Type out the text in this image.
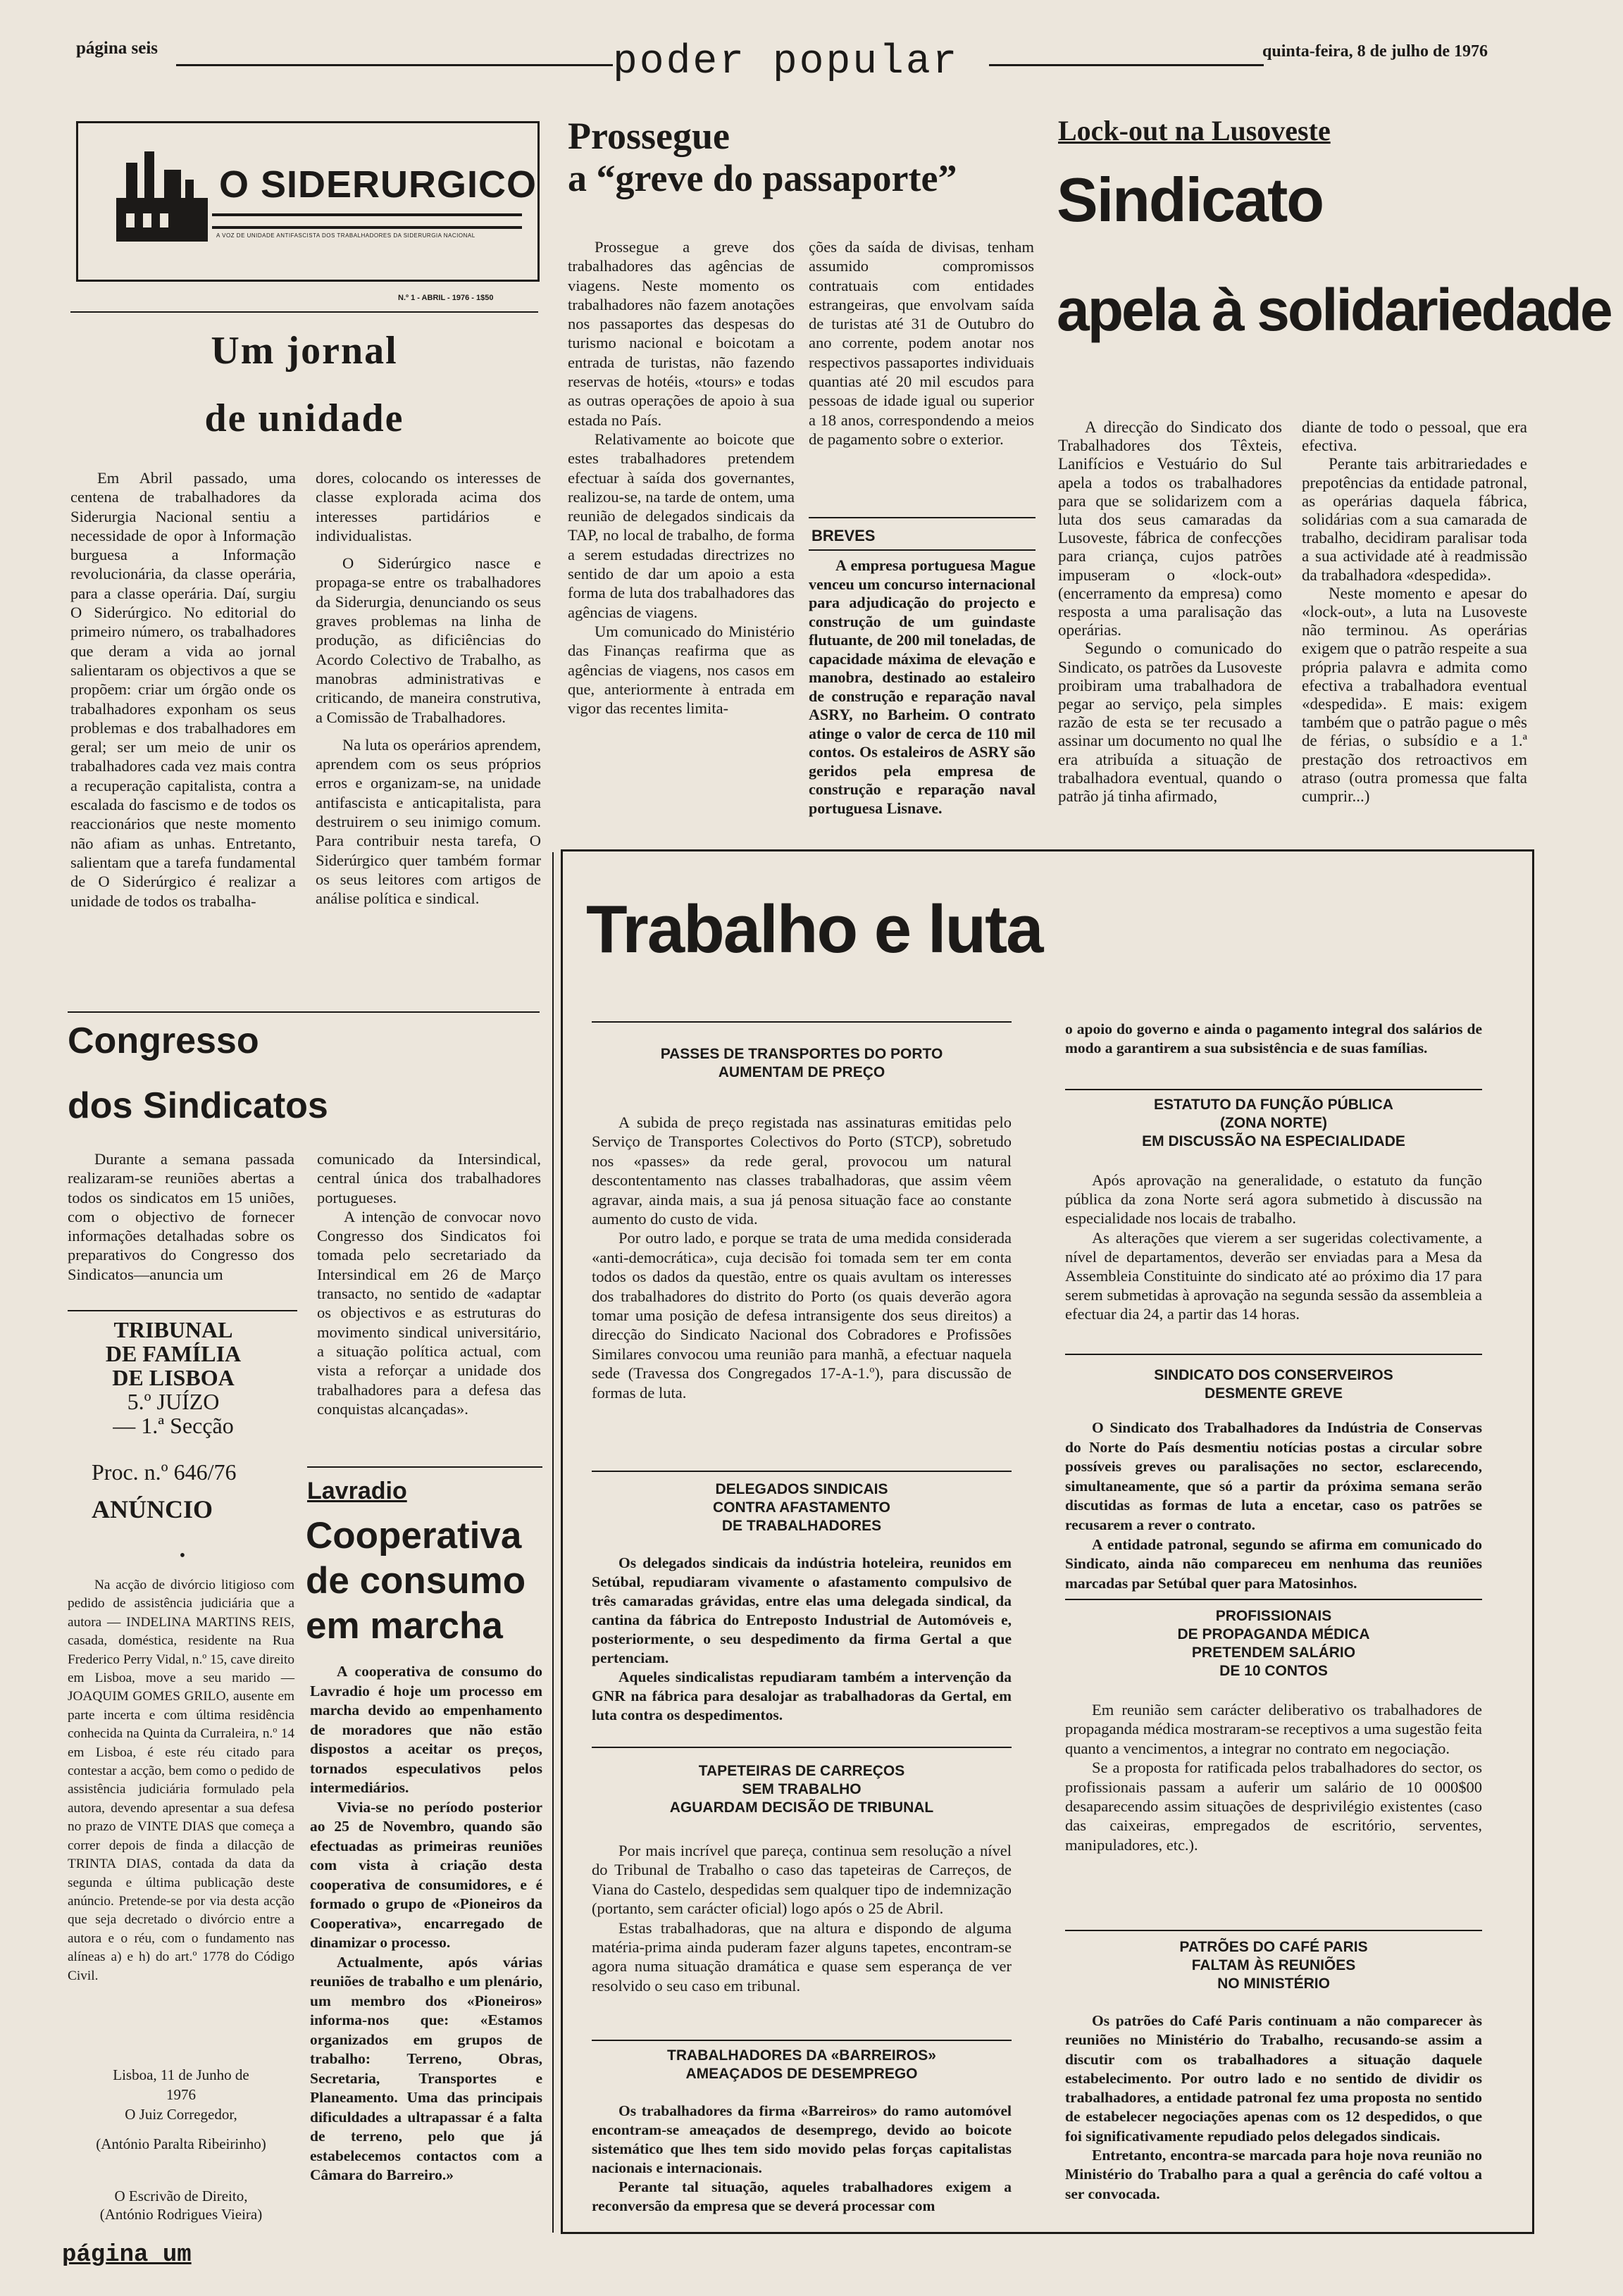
página seis	poder popular	quinta-feira, 8 de julho de 1976
O SIDERURGICO
A VOZ DE UNIDADE ANTIFASCISTA DOS TRABALHADORES DA SIDERURGIA NACIONAL
N.º 1 - ABRIL - 1976 - 1$50
Um jornal
de unidade

Em Abril passado, uma centena de trabalhadores da Siderurgia Nacional sentiu a necessidade de opor à Informação burguesa a Informação revolucionária, da classe operária, para a classe operária. Daí, surgiu O Siderúrgico. No editorial do primeiro número, os trabalhadores que deram a vida ao jornal salientaram os objectivos a que se propõem: criar um órgão onde os trabalhadores exponham os seus problemas e dos trabalhadores em geral; ser um meio de unir os trabalhadores cada vez mais contra a recuperação capitalista, contra a escalada do fascismo e de todos os reaccionários que neste momento não afiam as unhas. Entretanto, salientam que a tarefa fundamental de O Siderúrgico é realizar a unidade de todos os trabalha-

dores, colocando os interesses de classe explorada acima dos interesses partidários e individualistas.

O Siderúrgico nasce e propaga-se entre os trabalhadores da Siderurgia, denunciando os seus graves problemas na linha de produção, as dificiências do Acordo Colectivo de Trabalho, as manobras administrativas e criticando, de maneira construtiva, a Comissão de Trabalhadores.

Na luta os operários aprendem, aprendem com os seus próprios erros e organizam-se, na unidade antifascista e anticapitalista, para destruirem o seu inimigo comum. Para contribuir nesta tarefa, O Siderúrgico quer também formar os seus leitores com artigos de análise política e sindical.

Prossegue
a “greve do passaporte”

Prossegue a greve dos trabalhadores das agências de viagens. Neste momento os trabalhadores não fazem anotações nos passaportes das despesas do turismo nacional e boicotam a entrada de turistas, não fazendo reservas de hotéis, «tours» e todas as outras operações de apoio à sua estada no País.

Relativamente ao boicote que estes trabalhadores pretendem efectuar à saída dos governantes, realizou-se, na tarde de ontem, uma reunião de delegados sindicais da TAP, no local de trabalho, de forma a serem estudadas directrizes no sentido de dar um apoio a esta forma de luta dos trabalhadores das agências de viagens.

Um comunicado do Ministério das Finanças reafirma que as agências de viagens, nos casos em que, anteriormente à entrada em vigor das recentes limita-

ções da saída de divisas, tenham assumido compromissos contratuais com entidades estrangeiras, que envolvam saída de turistas até 31 de Outubro do ano corrente, podem anotar nos respectivos passaportes individuais quantias até 20 mil escudos para pessoas de idade igual ou superior a 18 anos, correspondendo a meios de pagamento sobre o exterior.

BREVES

A empresa portuguesa Mague venceu um concurso internacional para adjudicação do projecto e construção de um guindaste flutuante, de 200 mil toneladas, de capacidade máxima de elevação e manobra, destinado ao estaleiro de construção e reparação naval ASRY, no Barheim. O contrato atinge o valor de cerca de 110 mil contos. Os estaleiros de ASRY são geridos pela empresa de construção e reparação naval portuguesa Lisnave.

Lock-out na Lusoveste
Sindicato
apela à solidariedade

A direcção do Sindicato dos Trabalhadores dos Têxteis, Lanifícios e Vestuário do Sul apela a todos os trabalhadores para que se solidarizem com a luta dos seus camaradas da Lusoveste, fábrica de confecções para criança, cujos patrões impuseram o «lock-out» (encerramento da empresa) como resposta a uma paralisação das operárias.

Segundo o comunicado do Sindicato, os patrões da Lusoveste proibiram uma trabalhadora de pegar ao serviço, pela simples razão de esta se ter recusado a assinar um documento no qual lhe era atribuída a situação de trabalhadora eventual, quando o patrão já tinha afirmado,

diante de todo o pessoal, que era efectiva.

Perante tais arbitrariedades e prepotências da entidade patronal, as operárias daquela fábrica, solidárias com a sua camarada de trabalho, decidiram paralisar toda a sua actividade até à readmissão da trabalhadora «despedida».

Neste momento e apesar do «lock-out», a luta na Lusoveste não terminou. As operárias exigem que o patrão respeite a sua própria palavra e admita como efectiva a trabalhadora eventual «despedida». E mais: exigem também que o patrão pague o mês de férias, o subsídio e a 1.ª prestação dos retroactivos em atraso (outra promessa que falta cumprir...)

Congresso
dos Sindicatos

Durante a semana passada realizaram-se reuniões abertas a todos os sindicatos em 15 uniões, com o objectivo de fornecer informações detalhadas sobre os preparativos do Congresso dos Sindicatos—anuncia um

comunicado da Intersindical, central única dos trabalhadores portugueses.

A intenção de convocar novo Congresso dos Sindicatos foi tomada pelo secretariado da Intersindical em 26 de Março transacto, no sentido de «adaptar os objectivos e as estruturas do movimento sindical universitário, a situação política actual, com vista a reforçar a unidade dos trabalhadores para a defesa das conquistas alcançadas».

TRIBUNAL
DE FAMÍLIA
DE LISBOA
5.º JUÍZO
— 1.ª Secção
Proc. n.º 646/76
ANÚNCIO
•

Na acção de divórcio litigioso com pedido de assistência judiciária que a autora — INDELINA MARTINS REIS, casada, doméstica, residente na Rua Frederico Perry Vidal, n.º 15, cave direito em Lisboa, move a seu marido — JOAQUIM GOMES GRILO, ausente em parte incerta e com última residência conhecida na Quinta da Curraleira, n.º 14 em Lisboa, é este réu citado para contestar a acção, bem como o pedido de assistência judiciária formulado pela autora, devendo apresentar a sua defesa no prazo de VINTE DIAS que começa a correr depois de finda a dilacção de TRINTA DIAS, contada da data da segunda e última publicação deste anúncio. Pretende-se por via desta acção que seja decretado o divórcio entre a autora e o réu, com o fundamento nas alíneas a) e h) do art.º 1778 do Código Civil.

Lisboa, 11 de Junho de
1976
O Juiz Corregedor,
(António Paralta Ribeirinho)
O Escrivão de Direito,
(António Rodrigues Vieira)
Lavradio
Cooperativa
de consumo
em marcha

A cooperativa de consumo do Lavradio é hoje um processo em marcha devido ao empenhamento de moradores que não estão dispostos a aceitar os preços, tornados especulativos pelos intermediários.

Vivia-se no período posterior ao 25 de Novembro, quando são efectuadas as primeiras reuniões com vista à criação desta cooperativa de consumidores, e é formado o grupo de «Pioneiros da Cooperativa», encarregado de dinamizar o processo.

Actualmente, após várias reuniões de trabalho e um plenário, um membro dos «Pioneiros» informa-nos que: «Estamos organizados em grupos de trabalho: Terreno, Obras, Secretaria, Transportes e Planeamento. Uma das principais dificuldades a ultrapassar é a falta de terreno, pelo que já estabelecemos contactos com a Câmara do Barreiro.»

Trabalho e luta
PASSES DE TRANSPORTES DO PORTO
AUMENTAM DE PREÇO

A subida de preço registada nas assinaturas emitidas pelo Serviço de Transportes Colectivos do Porto (STCP), sobretudo nos «passes» da rede geral, provocou um natural descontentamento nas classes trabalhadoras, que assim vêem agravar, ainda mais, a sua já penosa situação face ao constante aumento do custo de vida.

Por outro lado, e porque se trata de uma medida considerada «anti-democrática», cuja decisão foi tomada sem ter em conta todos os dados da questão, entre os quais avultam os interesses dos trabalhadores do distrito do Porto (os quais deverão agora tomar uma posição de defesa intransigente dos seus direitos) a direcção do Sindicato Nacional dos Cobradores e Profissões Similares convocou uma reunião para manhã, a efectuar naquela sede (Travessa dos Congregados 17-A-1.º), para discussão de formas de luta.

DELEGADOS SINDICAIS
CONTRA AFASTAMENTO
DE TRABALHADORES

Os delegados sindicais da indústria hoteleira, reunidos em Setúbal, repudiaram vivamente o afastamento compulsivo de três camaradas grávidas, entre elas uma delegada sindical, da cantina da fábrica do Entreposto Industrial de Automóveis e, posteriormente, o seu despedimento da firma Gertal a que pertenciam.

Aqueles sindicalistas repudiaram também a intervenção da GNR na fábrica para desalojar as trabalhadoras da Gertal, em luta contra os despedimentos.

TAPETEIRAS DE CARREÇOS
SEM TRABALHO
AGUARDAM DECISÃO DE TRIBUNAL

Por mais incrível que pareça, continua sem resolução a nível do Tribunal de Trabalho o caso das tapeteiras de Carreços, de Viana do Castelo, despedidas sem qualquer tipo de indemnização (portanto, sem carácter oficial) logo após o 25 de Abril.

Estas trabalhadoras, que na altura e dispondo de alguma matéria-prima ainda puderam fazer alguns tapetes, encontram-se agora numa situação dramática e quase sem esperança de ver resolvido o seu caso em tribunal.

TRABALHADORES DA «BARREIROS»
AMEAÇADOS DE DESEMPREGO

Os trabalhadores da firma «Barreiros» do ramo automóvel encontram-se ameaçados de desemprego, devido ao boicote sistemático que lhes tem sido movido pelas forças capitalistas nacionais e internacionais.

Perante tal situação, aqueles trabalhadores exigem a reconversão da empresa que se deverá processar com

o apoio do governo e ainda o pagamento integral dos salários de modo a garantirem a sua subsistência e de suas famílias.

ESTATUTO DA FUNÇÃO PÚBLICA
(ZONA NORTE)
EM DISCUSSÃO NA ESPECIALIDADE

Após aprovação na generalidade, o estatuto da função pública da zona Norte será agora submetido à discussão na especialidade nos locais de trabalho.

As alterações que vierem a ser sugeridas colectivamente, a nível de departamentos, deverão ser enviadas para a Mesa da Assembleia Constituinte do sindicato até ao próximo dia 17 para serem submetidas à aprovação na segunda sessão da assembleia a efectuar dia 24, a partir das 14 horas.

SINDICATO DOS CONSERVEIROS
DESMENTE GREVE

O Sindicato dos Trabalhadores da Indústria de Conservas do Norte do País desmentiu notícias postas a circular sobre possíveis greves ou paralisações no sector, esclarecendo, simultaneamente, que só a partir da próxima semana serão discutidas as formas de luta a encetar, caso os patrões se recusarem a rever o contrato.

A entidade patronal, segundo se afirma em comunicado do Sindicato, ainda não compareceu em nenhuma das reuniões marcadas par Setúbal quer para Matosinhos.

PROFISSIONAIS
DE PROPAGANDA MÉDICA
PRETENDEM SALÁRIO
DE 10 CONTOS

Em reunião sem carácter deliberativo os trabalhadores de propaganda médica mostraram-se receptivos a uma sugestão feita quanto a vencimentos, a integrar no contrato em negociação.

Se a proposta for ratificada pelos trabalhadores do sector, os profissionais passam a auferir um salário de 10 000$00 desaparecendo assim situações de desprivilégio existentes (caso das caixeiras, empregados de escritório, serventes, manipuladores, etc.).

PATRÕES DO CAFÉ PARIS
FALTAM ÀS REUNIÕES
NO MINISTÉRIO

Os patrões do Café Paris continuam a não comparecer às reuniões no Ministério do Trabalho, recusando-se assim a discutir com os trabalhadores a situação daquele estabelecimento. Por outro lado e no sentido de dividir os trabalhadores, a entidade patronal fez uma proposta no sentido de estabelecer negociações apenas com os 12 despedidos, o que foi significativamente repudiado pelos delegados sindicais.

Entretanto, encontra-se marcada para hoje nova reunião no Ministério do Trabalho para a qual a gerência do café voltou a ser convocada.

página um
